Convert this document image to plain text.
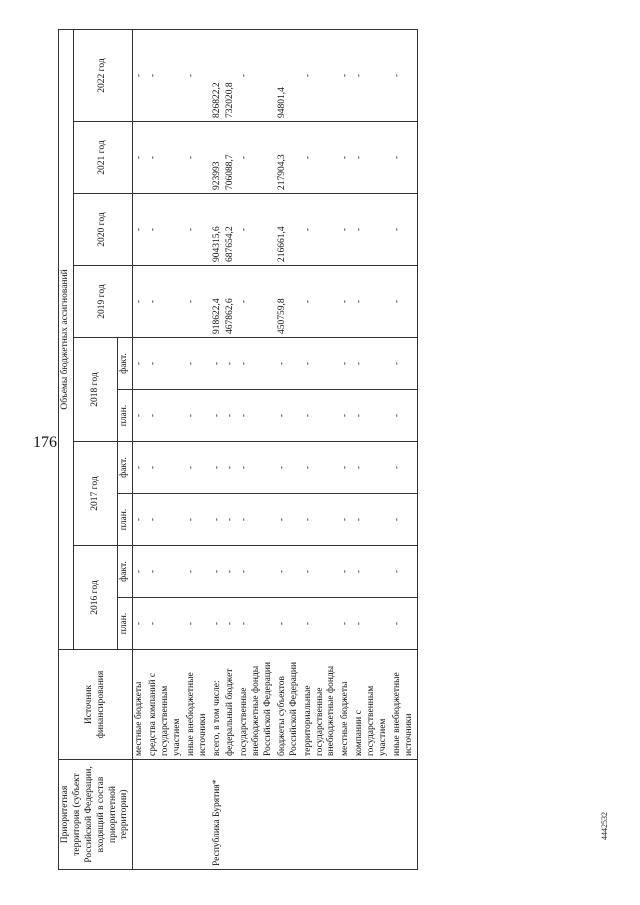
176
Приоритетная территория (субъект Российской Федерации, входящий в состав приоритетной территории)	Источник финансирования	Объемы бюджетных ассигнований									
		2016 год		2017 год		2018 год		2019 год	2020 год	2021 год	2022 год
		план.	факт.	план.	факт.	план.	факт.				
	местные бюджеты	-	-	-	-	-	-	-	-	-	-
	средства компаний с государственным участием	-	-	-	-	-	-	-	-	-	-
	иные внебюджетные источники	-	-	-	-	-	-	-	-	-	-
Республика Бурятия*	всего, в том числе:	-	-	-	-	-	-	918622,4	904315,6	923993	826822,2
	федеральный бюджет	-	-	-	-	-	-	467862,6	687654,2	706088,7	732020,8
	государственные внебюджетные фонды Российской Федерации	-	-	-	-	-	-	-	-	-	-
	бюджеты субъектов Российской Федерации	-	-	-	-	-	-	450759,8	216661,4	217904,3	94801,4
	территориальные государственные внебюджетные фонды	-	-	-	-	-	-	-	-	-	-
	местные бюджеты	-	-	-	-	-	-	-	-	-	-
	компании с государственным участием	-	-	-	-	-	-	-	-	-	-
	иные внебюджетные источники	-	-	-	-	-	-	-	-	-	-
4442532
